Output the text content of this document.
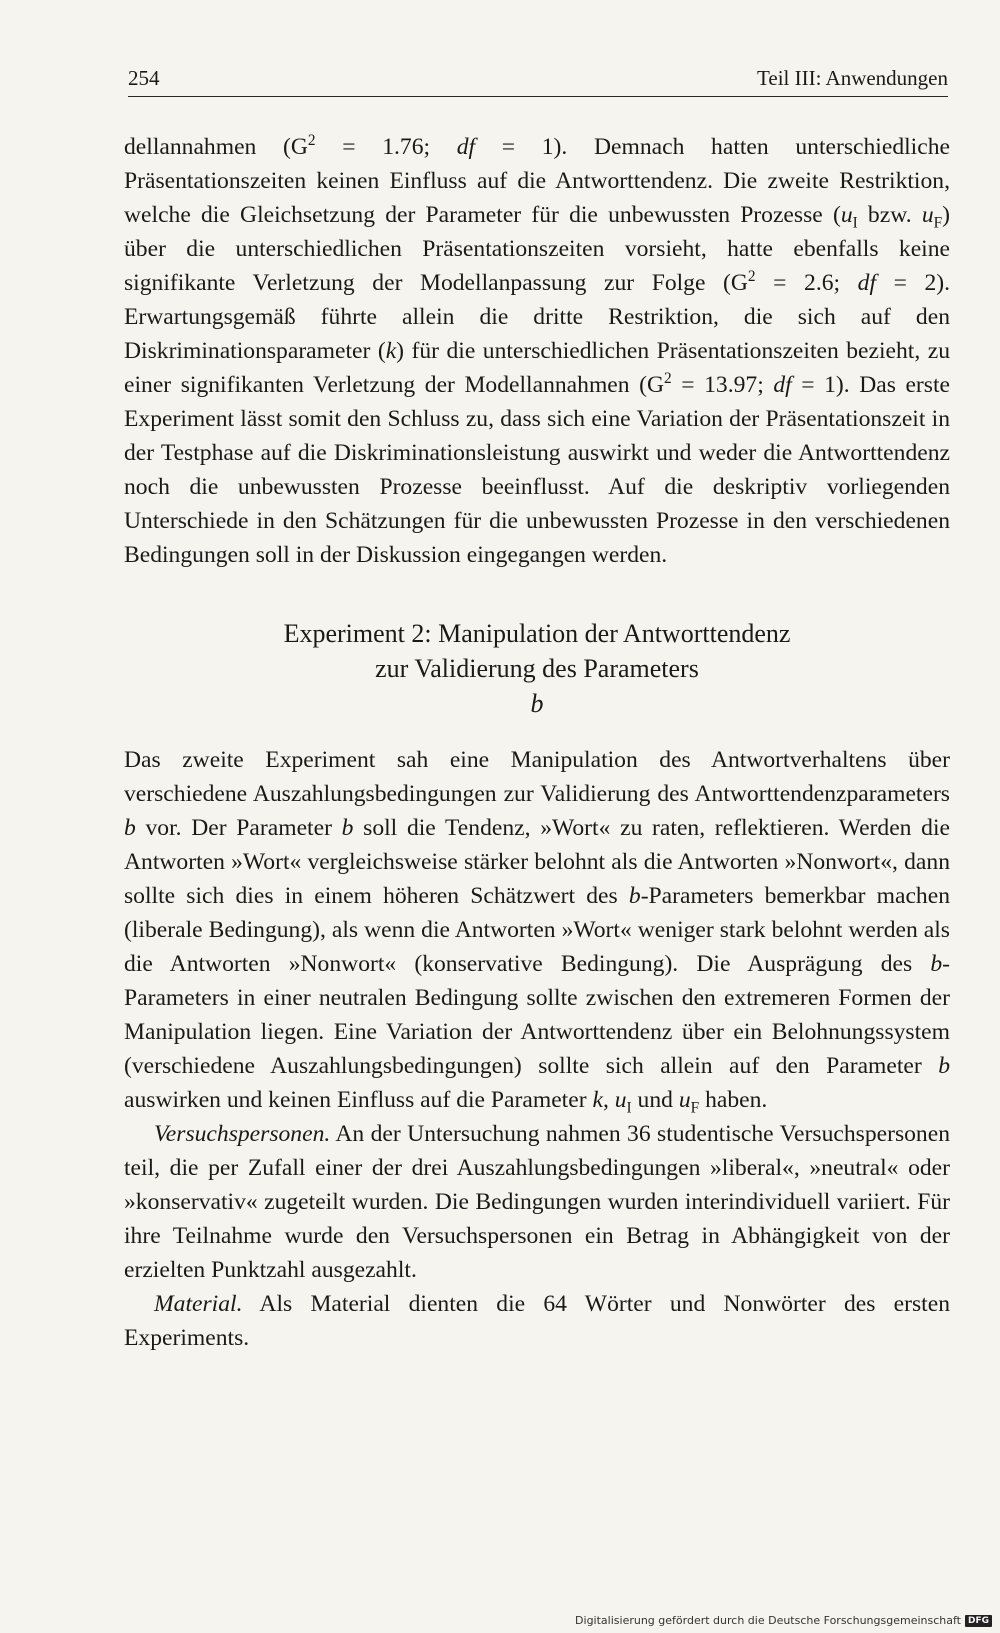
254	Teil III: Anwendungen

dellannahmen ($G^2 = 1.76$; df = 1). Demnach hatten unterschiedliche Präsentationszeiten keinen Einfluss auf die Antworttendenz. Die zweite Restriktion, welche die Gleichsetzung der Parameter für die unbewussten Prozesse ($u_I$ bzw. $u_F$) über die unterschiedlichen Präsentationszeiten vorsieht, hatte ebenfalls keine signifikante Verletzung der Modellanpassung zur Folge ($G^2 = 2.6$; df = 2). Erwartungsgemäß führte allein die dritte Restriktion, die sich auf den Diskriminationsparameter (k) für die unterschiedlichen Präsentationszeiten bezieht, zu einer signifikanten Verletzung der Modellannahmen ($G^2 = 13.97$; df = 1). Das erste Experiment lässt somit den Schluss zu, dass sich eine Variation der Präsentationszeit in der Testphase auf die Diskriminationsleistung auswirkt und weder die Antworttendenz noch die unbewussten Prozesse beeinflusst. Auf die deskriptiv vorliegenden Unterschiede in den Schätzungen für die unbewussten Prozesse in den verschiedenen Bedingungen soll in der Diskussion eingegangen werden.

Experiment 2: Manipulation der Antworttendenz
zur Validierung des Parameters
b

Das zweite Experiment sah eine Manipulation des Antwortverhaltens über verschiedene Auszahlungsbedingungen zur Validierung des Antworttendenzparameters b vor. Der Parameter b soll die Tendenz, »Wort« zu raten, reflektieren. Werden die Antworten »Wort« vergleichsweise stärker belohnt als die Antworten »Nonwort«, dann sollte sich dies in einem höheren Schätzwert des b-Parameters bemerkbar machen (liberale Bedingung), als wenn die Antworten »Wort« weniger stark belohnt werden als die Antworten »Nonwort« (konservative Bedingung). Die Ausprägung des b-Parameters in einer neutralen Bedingung sollte zwischen den extremeren Formen der Manipulation liegen. Eine Variation der Antworttendenz über ein Belohnungssystem (verschiedene Auszahlungsbedingungen) sollte sich allein auf den Parameter b auswirken und keinen Einfluss auf die Parameter k, $u_I$ und $u_F$ haben.

Versuchspersonen. An der Untersuchung nahmen 36 studentische Versuchspersonen teil, die per Zufall einer der drei Auszahlungsbedingungen »liberal«, »neutral« oder »konservativ« zugeteilt wurden. Die Bedingungen wurden interindividuell variiert. Für ihre Teilnahme wurde den Versuchspersonen ein Betrag in Abhängigkeit von der erzielten Punktzahl ausgezahlt.

Material. Als Material dienten die 64 Wörter und Nonwörter des ersten Experiments.

Digitalisierung gefördert durch die Deutsche Forschungsgemeinschaft DFG
